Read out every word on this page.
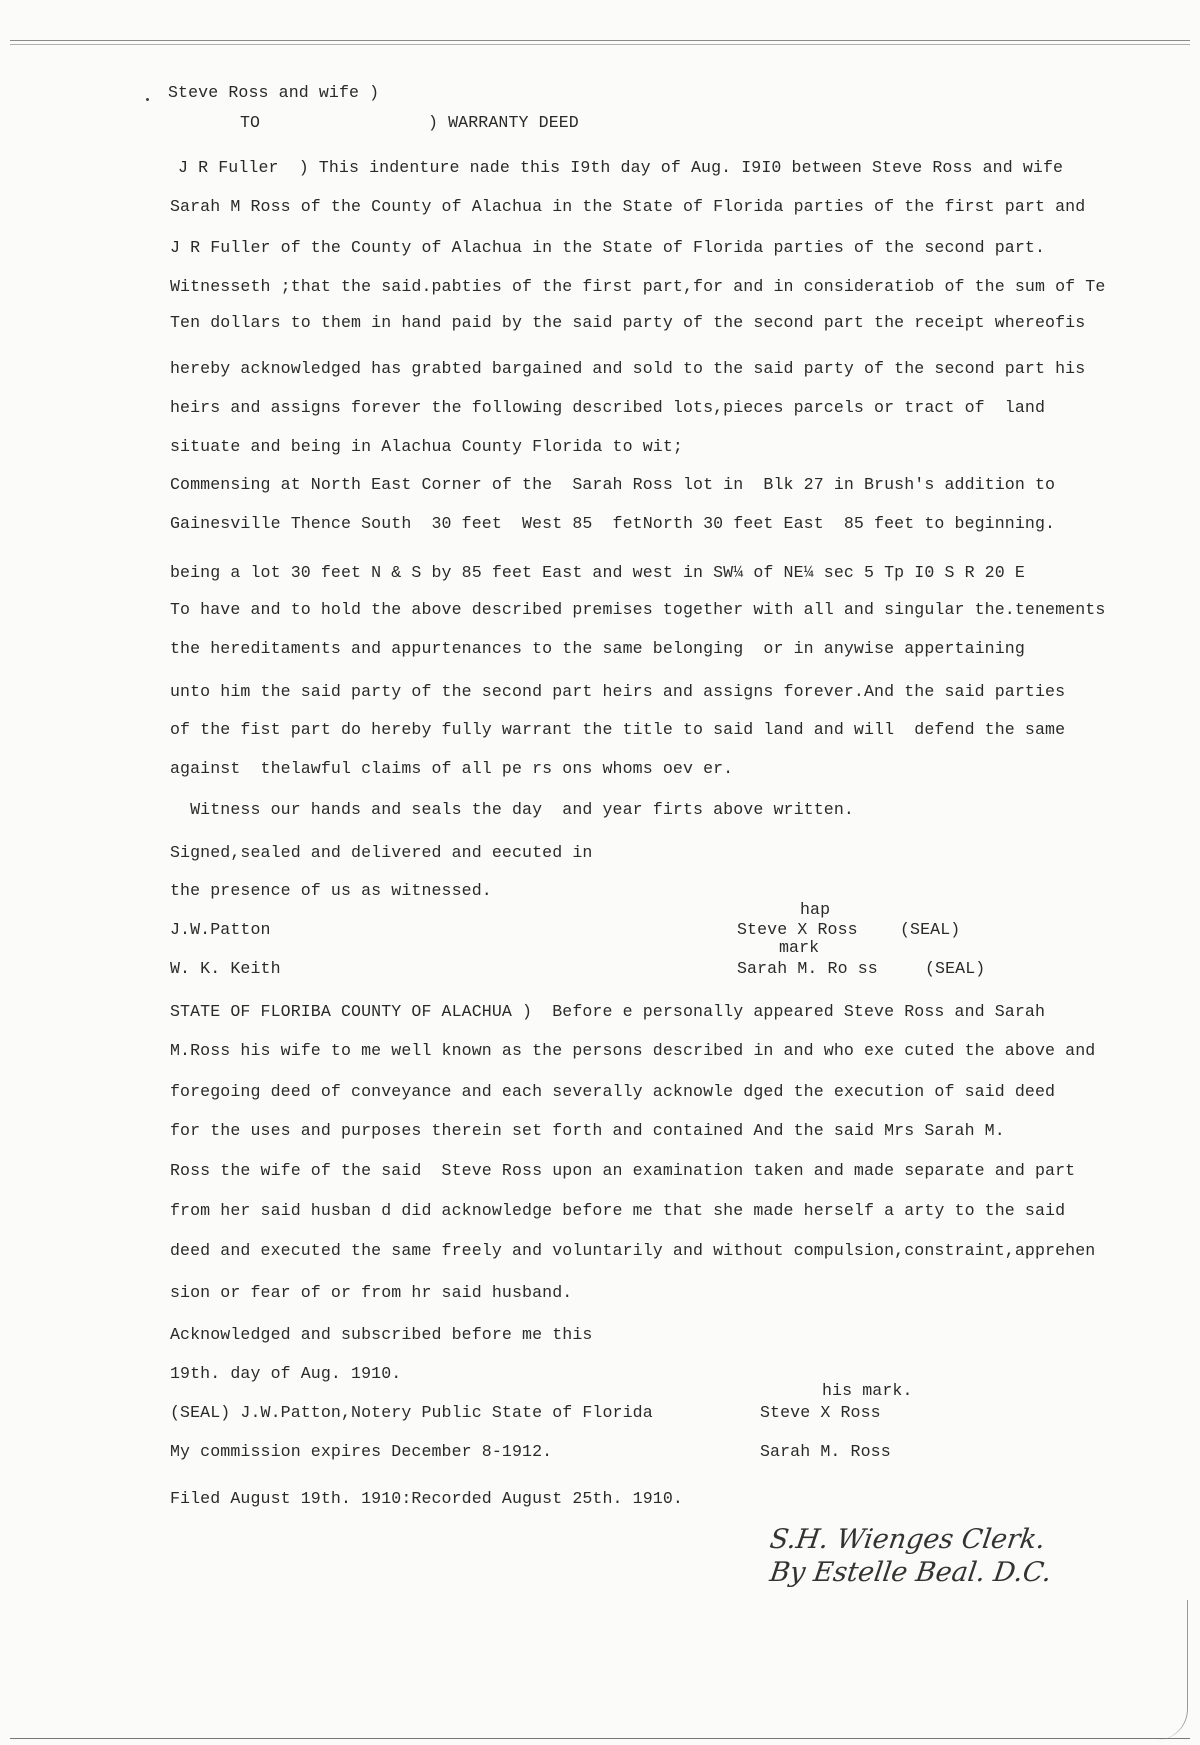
Steve Ross and wife )
TO	) WARRANTY DEED
J R Fuller  ) This indenture nade this I9th day of Aug. I9I0 between Steve Ross and wife
Sarah M Ross of the County of Alachua in the State of Florida parties of the first part and
J R Fuller of the County of Alachua in the State of Florida parties of the second part.
Witnesseth ;that the said.pabties of the first part,for and in consideratiob of the sum of Te
Ten dollars to them in hand paid by the said party of the second part the receipt whereofis
hereby acknowledged has grabted bargained and sold to the said party of the second part his
heirs and assigns forever the following described lots,pieces parcels or tract of  land
situate and being in Alachua County Florida to wit;
Commensing at North East Corner of the  Sarah Ross lot in  Blk 27 in Brush's addition to
Gainesville Thence South  30 feet  West 85  fetNorth 30 feet East  85 feet to beginning.
being a lot 30 feet N & S by 85 feet East and west in SW¼ of NE¼ sec 5 Tp I0 S R 20 E
To have and to hold the above described premises together with all and singular the.tenements
the hereditaments and appurtenances to the same belonging  or in anywise appertaining
unto him the said party of the second part heirs and assigns forever.And the said parties
of the fist part do hereby fully warrant the title to said land and will  defend the same
against  thelawful claims of all pe rs ons whoms oev er.
Witness our hands and seals the day  and year firts above written.
Signed,sealed and delivered and eecuted in
the presence of us as witnessed.
J.W.Patton
W. K. Keith
hap
Steve X Ross	(SEAL)
mark
Sarah M. Ro ss	(SEAL)
STATE OF FLORIBA COUNTY OF ALACHUA )  Before e personally appeared Steve Ross and Sarah
M.Ross his wife to me well known as the persons described in and who exe cuted the above and
foregoing deed of conveyance and each severally acknowle dged the execution of said deed
for the uses and purposes therein set forth and contained And the said Mrs Sarah M.
Ross the wife of the said  Steve Ross upon an examination taken and made separate and part
from her said husban d did acknowledge before me that she made herself a arty to the said
deed and executed the same freely and voluntarily and without compulsion,constraint,apprehen
sion or fear of or from hr said husband.
Acknowledged and subscribed before me this
19th. day of Aug. 1910.
(SEAL) J.W.Patton,Notery Public State of Florida
My commission expires December 8-1912.
Filed August 19th. 1910:Recorded August 25th. 1910.
his mark.
Steve X Ross
Sarah M. Ross
S.H. Wienges Clerk.
By Estelle Beal. D.C.
